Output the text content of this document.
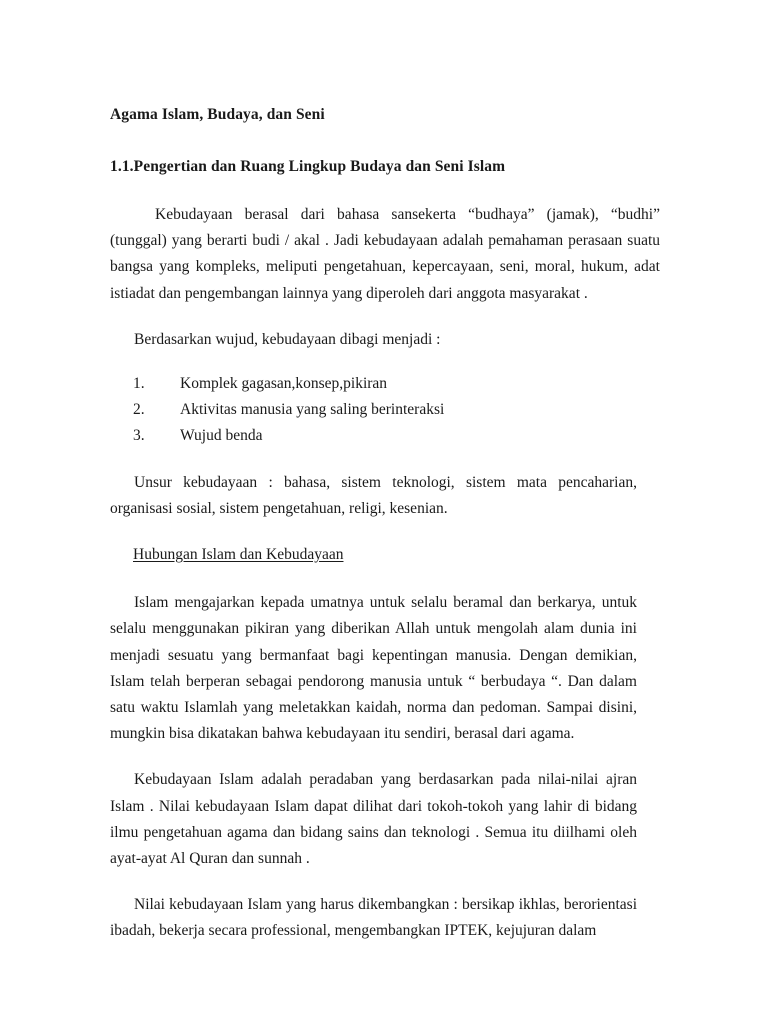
Agama Islam, Budaya, dan Seni
1.1.Pengertian dan Ruang Lingkup Budaya dan Seni Islam

Kebudayaan berasal dari bahasa sansekerta “budhaya” (jamak), “budhi” (tunggal) yang berarti budi / akal . Jadi kebudayaan adalah pemahaman perasaan suatu bangsa yang kompleks, meliputi pengetahuan, kepercayaan, seni, moral, hukum, adat istiadat dan pengembangan lainnya yang diperoleh dari anggota masyarakat .

Berdasarkan wujud, kebudayaan dibagi menjadi :

1.	Komplek gagasan,konsep,pikiran
2.	Aktivitas manusia yang saling berinteraksi
3.	Wujud benda

Unsur kebudayaan : bahasa, sistem teknologi, sistem mata pencaharian, organisasi sosial, sistem pengetahuan, religi, kesenian.

Hubungan Islam dan Kebudayaan

Islam mengajarkan kepada umatnya untuk selalu beramal dan berkarya, untuk selalu menggunakan pikiran yang diberikan Allah untuk mengolah alam dunia ini menjadi sesuatu yang bermanfaat bagi kepentingan manusia. Dengan demikian, Islam telah berperan sebagai pendorong manusia untuk “ berbudaya “. Dan dalam satu waktu Islamlah yang meletakkan kaidah, norma dan pedoman. Sampai disini, mungkin bisa dikatakan bahwa kebudayaan itu sendiri, berasal dari agama.

Kebudayaan Islam adalah peradaban yang berdasarkan pada nilai-nilai ajran Islam . Nilai kebudayaan Islam dapat dilihat dari tokoh-tokoh yang lahir di bidang ilmu pengetahuan agama dan bidang sains dan teknologi . Semua itu diilhami oleh ayat-ayat Al Quran dan sunnah .

Nilai kebudayaan Islam yang harus dikembangkan : bersikap ikhlas, berorientasi ibadah, bekerja secara professional, mengembangkan IPTEK, kejujuran dalam
